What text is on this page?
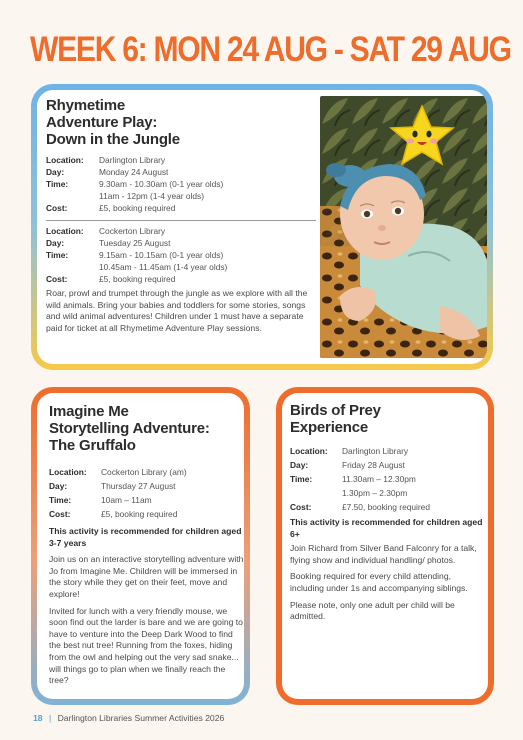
WEEK 6: MON 24 AUG - SAT 29 AUG
Rhymetime
Adventure Play:
Down in the Jungle
Location:	Darlington Library
Day:	Monday 24 August
Time:	9.30am - 10.30am (0-1 year olds)
11am - 12pm (1-4 year olds)
Cost:	£5, booking required
Location:	Cockerton Library
Day:	Tuesday 25 August
Time:	9.15am - 10.15am (0-1 year olds)
10.45am - 11.45am (1-4 year olds)
Cost:	£5, booking required
Roar, prowl and trumpet through the jungle as we explore with all the wild animals. Bring your babies and toddlers for some stories, songs and wild animal adventures! Children under 1 must have a separate paid for ticket at all Rhymetime Adventure Play sessions.
Imagine Me
Storytelling Adventure:
The Gruffalo
Location:	Cockerton Library (am)
Day:	Thursday 27 August
Time:	10am – 11am
Cost:	£5, booking required
This activity is recommended for children aged 3-7 years
Join us on an interactive storytelling adventure with Jo from Imagine Me. Children will be immersed in the story while they get on their feet, move and explore!
Invited for lunch with a very friendly mouse, we soon find out the larder is bare and we are going to have to venture into the Deep Dark Wood to find the best nut tree! Running from the foxes, hiding from the owl and helping out the very sad snake... will things go to plan when we finally reach the tree?
Birds of Prey
Experience
Location:	Darlington Library
Day:	Friday 28 August
Time:	11.30am – 12.30pm
1.30pm – 2.30pm
Cost:	£7.50, booking required
This activity is recommended for children aged 6+
Join Richard from Silver Band Falconry for a talk, flying show and individual handling/ photos.
Booking required for every child attending, including under 1s and accompanying siblings.
Please note, only one adult per child will be admitted.
18 | Darlington Libraries Summer Activities 2026
